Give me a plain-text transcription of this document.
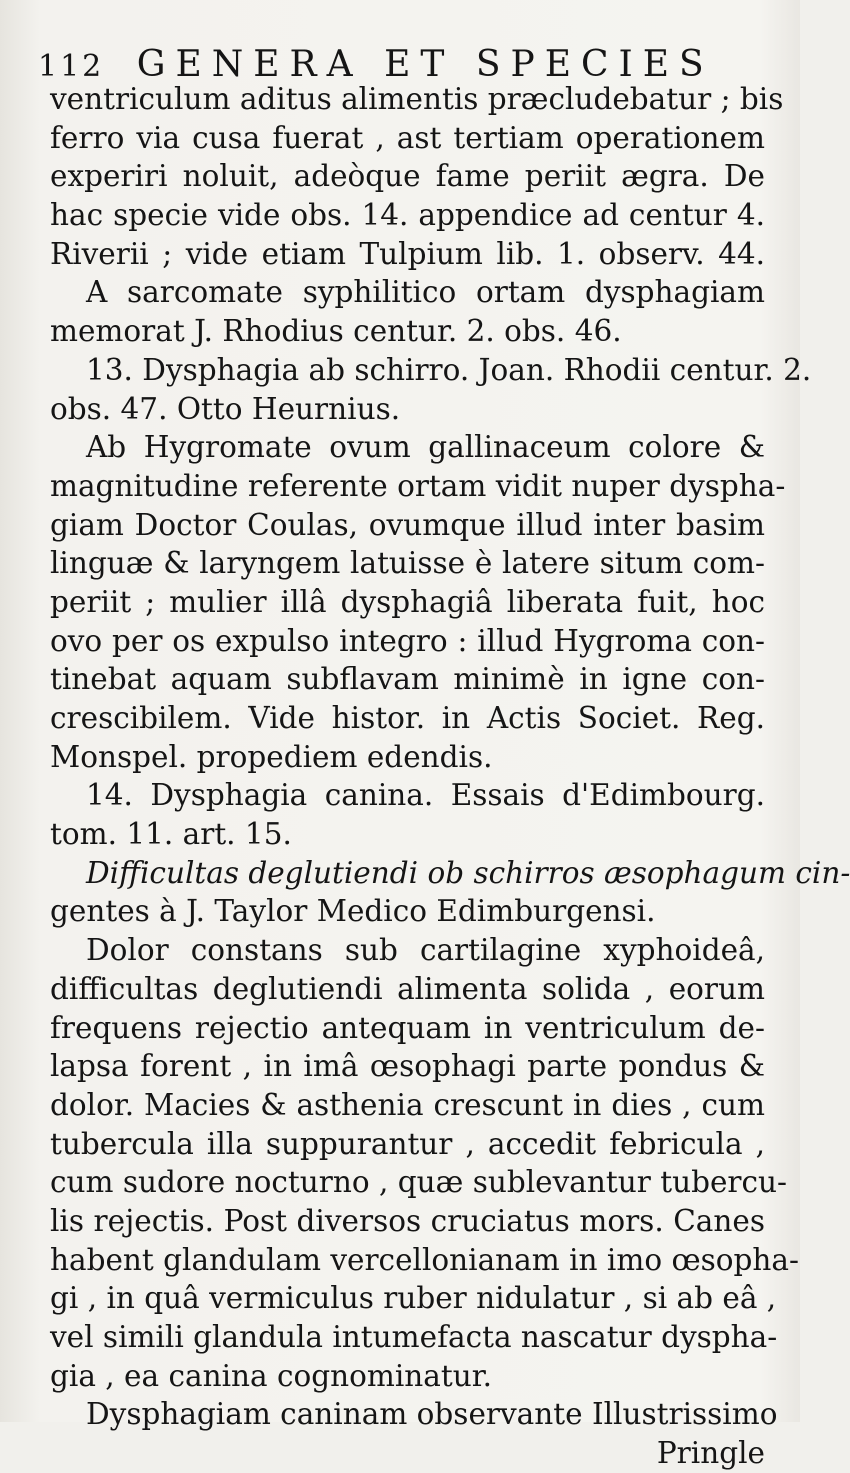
112 GENERA ET SPECIES
ventriculum aditus alimentis præcludebatur ; bis
ferro via cusa fuerat , ast tertiam operationem
experiri noluit, adeòque fame periit ægra. De
hac specie vide obs. 14. appendice ad centur 4.
Riverii ; vide etiam Tulpium lib. 1. observ. 44.
A sarcomate syphilitico ortam dysphagiam
memorat J. Rhodius centur. 2. obs. 46.
13. Dysphagia ab schirro. Joan. Rhodii centur. 2.
obs. 47. Otto Heurnius.
Ab Hygromate ovum gallinaceum colore &
magnitudine referente ortam vidit nuper dyspha-
giam Doctor Coulas, ovumque illud inter basim
linguæ & laryngem latuisse è latere situm com-
periit ; mulier illâ dysphagiâ liberata fuit, hoc
ovo per os expulso integro : illud Hygroma con-
tinebat aquam subflavam minimè in igne con-
crescibilem. Vide histor. in Actis Societ. Reg.
Monspel. propediem edendis.
14. Dysphagia canina. Essais d'Edimbourg.
tom. 11. art. 15.
Difficultas deglutiendi ob schirros æsophagum cin-
gentes à J. Taylor Medico Edimburgensi.
Dolor constans sub cartilagine xyphoideâ,
difficultas deglutiendi alimenta solida , eorum
frequens rejectio antequam in ventriculum de-
lapsa forent , in imâ œsophagi parte pondus &
dolor. Macies & asthenia crescunt in dies , cum
tubercula illa suppurantur , accedit febricula ,
cum sudore nocturno , quæ sublevantur tubercu-
lis rejectis. Post diversos cruciatus mors. Canes
habent glandulam vercellonianam in imo œsopha-
gi , in quâ vermiculus ruber nidulatur , si ab eâ ,
vel simili glandula intumefacta nascatur dyspha-
gia , ea canina cognominatur.
Dysphagiam caninam observante Illustrissimo
Pringle
